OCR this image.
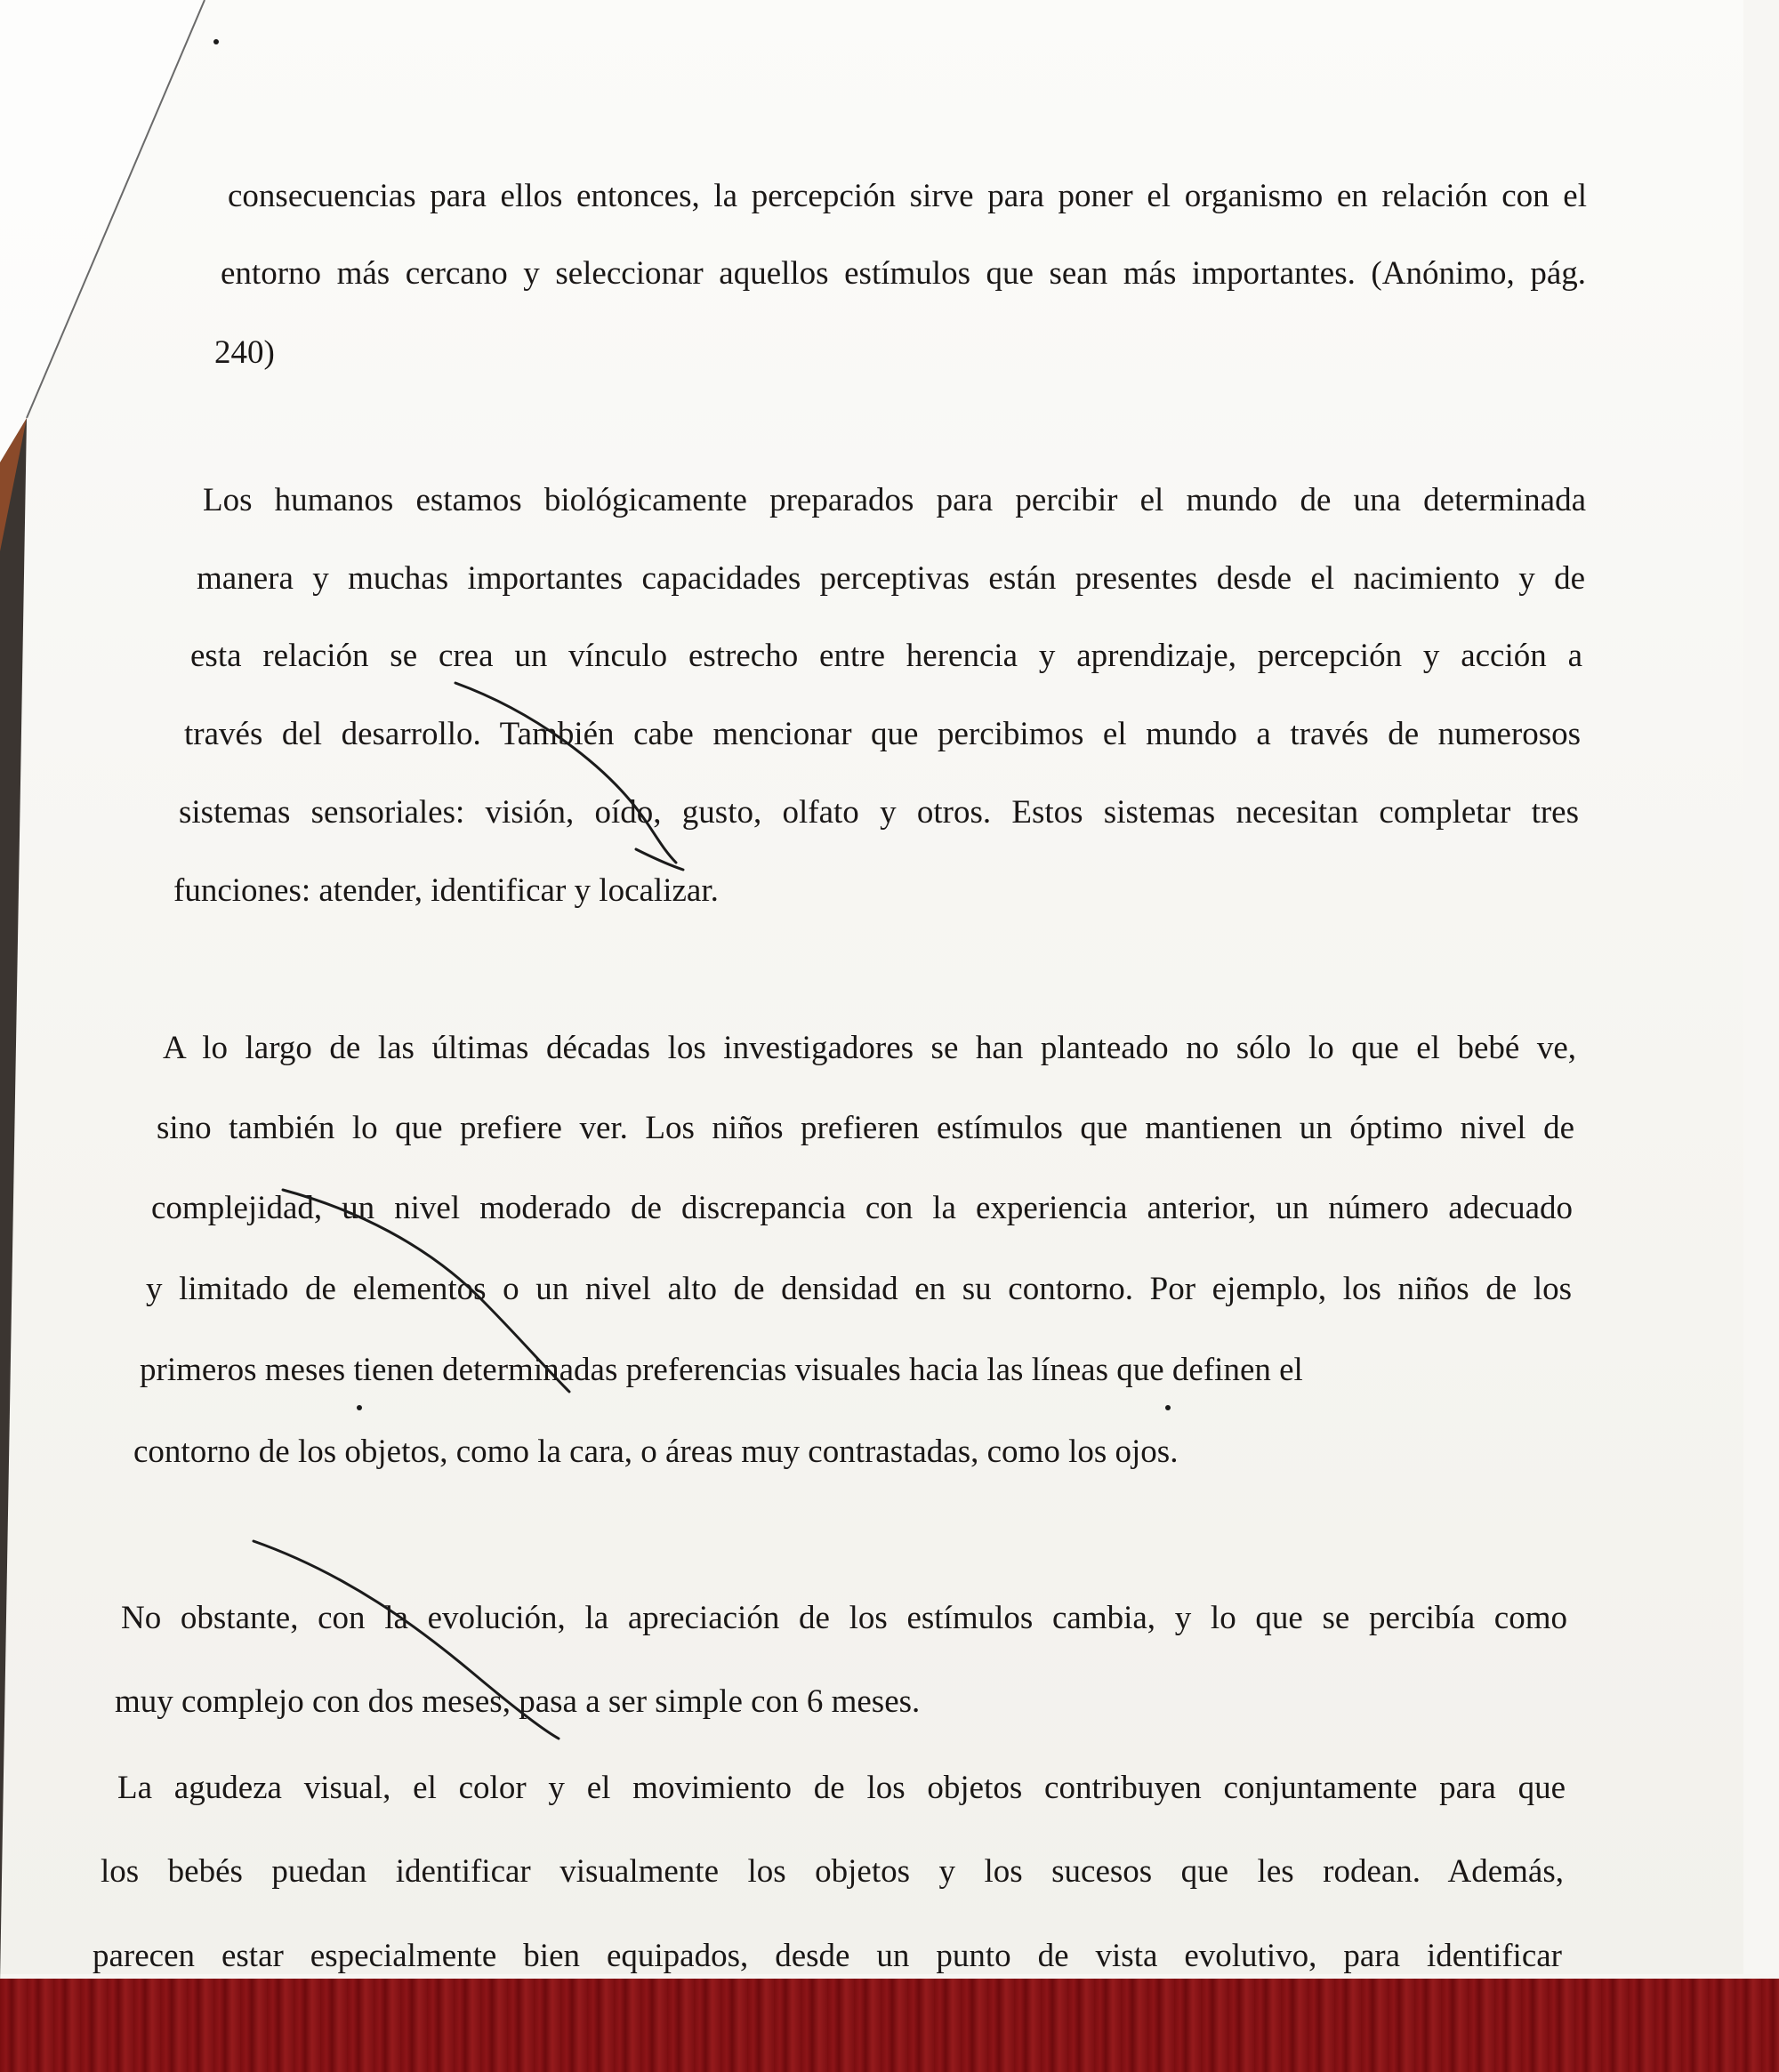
consecuencias para ellos entonces, la percepción sirve para poner el organismo en relación con el
entorno más cercano y seleccionar aquellos estímulos que sean más importantes. (Anónimo, pág.
240)
Los humanos estamos biológicamente preparados para percibir el mundo de una determinada
manera y muchas importantes capacidades perceptivas están presentes desde el nacimiento y de
esta relación se crea un vínculo estrecho entre herencia y aprendizaje, percepción y acción a
través del desarrollo. También cabe mencionar que percibimos el mundo a través de numerosos
sistemas sensoriales: visión, oído, gusto, olfato y otros. Estos sistemas necesitan completar tres
funciones: atender, identificar y localizar.
A lo largo de las últimas décadas los investigadores se han planteado no sólo lo que el bebé ve,
sino también lo que prefiere ver. Los niños prefieren estímulos que mantienen un óptimo nivel de
complejidad, un nivel moderado de discrepancia con la experiencia anterior, un número adecuado
y limitado de elementos o un nivel alto de densidad en su contorno. Por ejemplo, los niños de los
primeros meses tienen determinadas preferencias visuales hacia las líneas que definen el
contorno de los objetos, como la cara, o áreas muy contrastadas, como los ojos.
No obstante, con la evolución, la apreciación de los estímulos cambia, y lo que se percibía como
muy complejo con dos meses, pasa a ser simple con 6 meses.
La agudeza visual, el color y el movimiento de los objetos contribuyen conjuntamente para que
los bebés puedan identificar visualmente los objetos y los sucesos que les rodean. Además,
parecen estar especialmente bien equipados, desde un punto de vista evolutivo, para identificar
